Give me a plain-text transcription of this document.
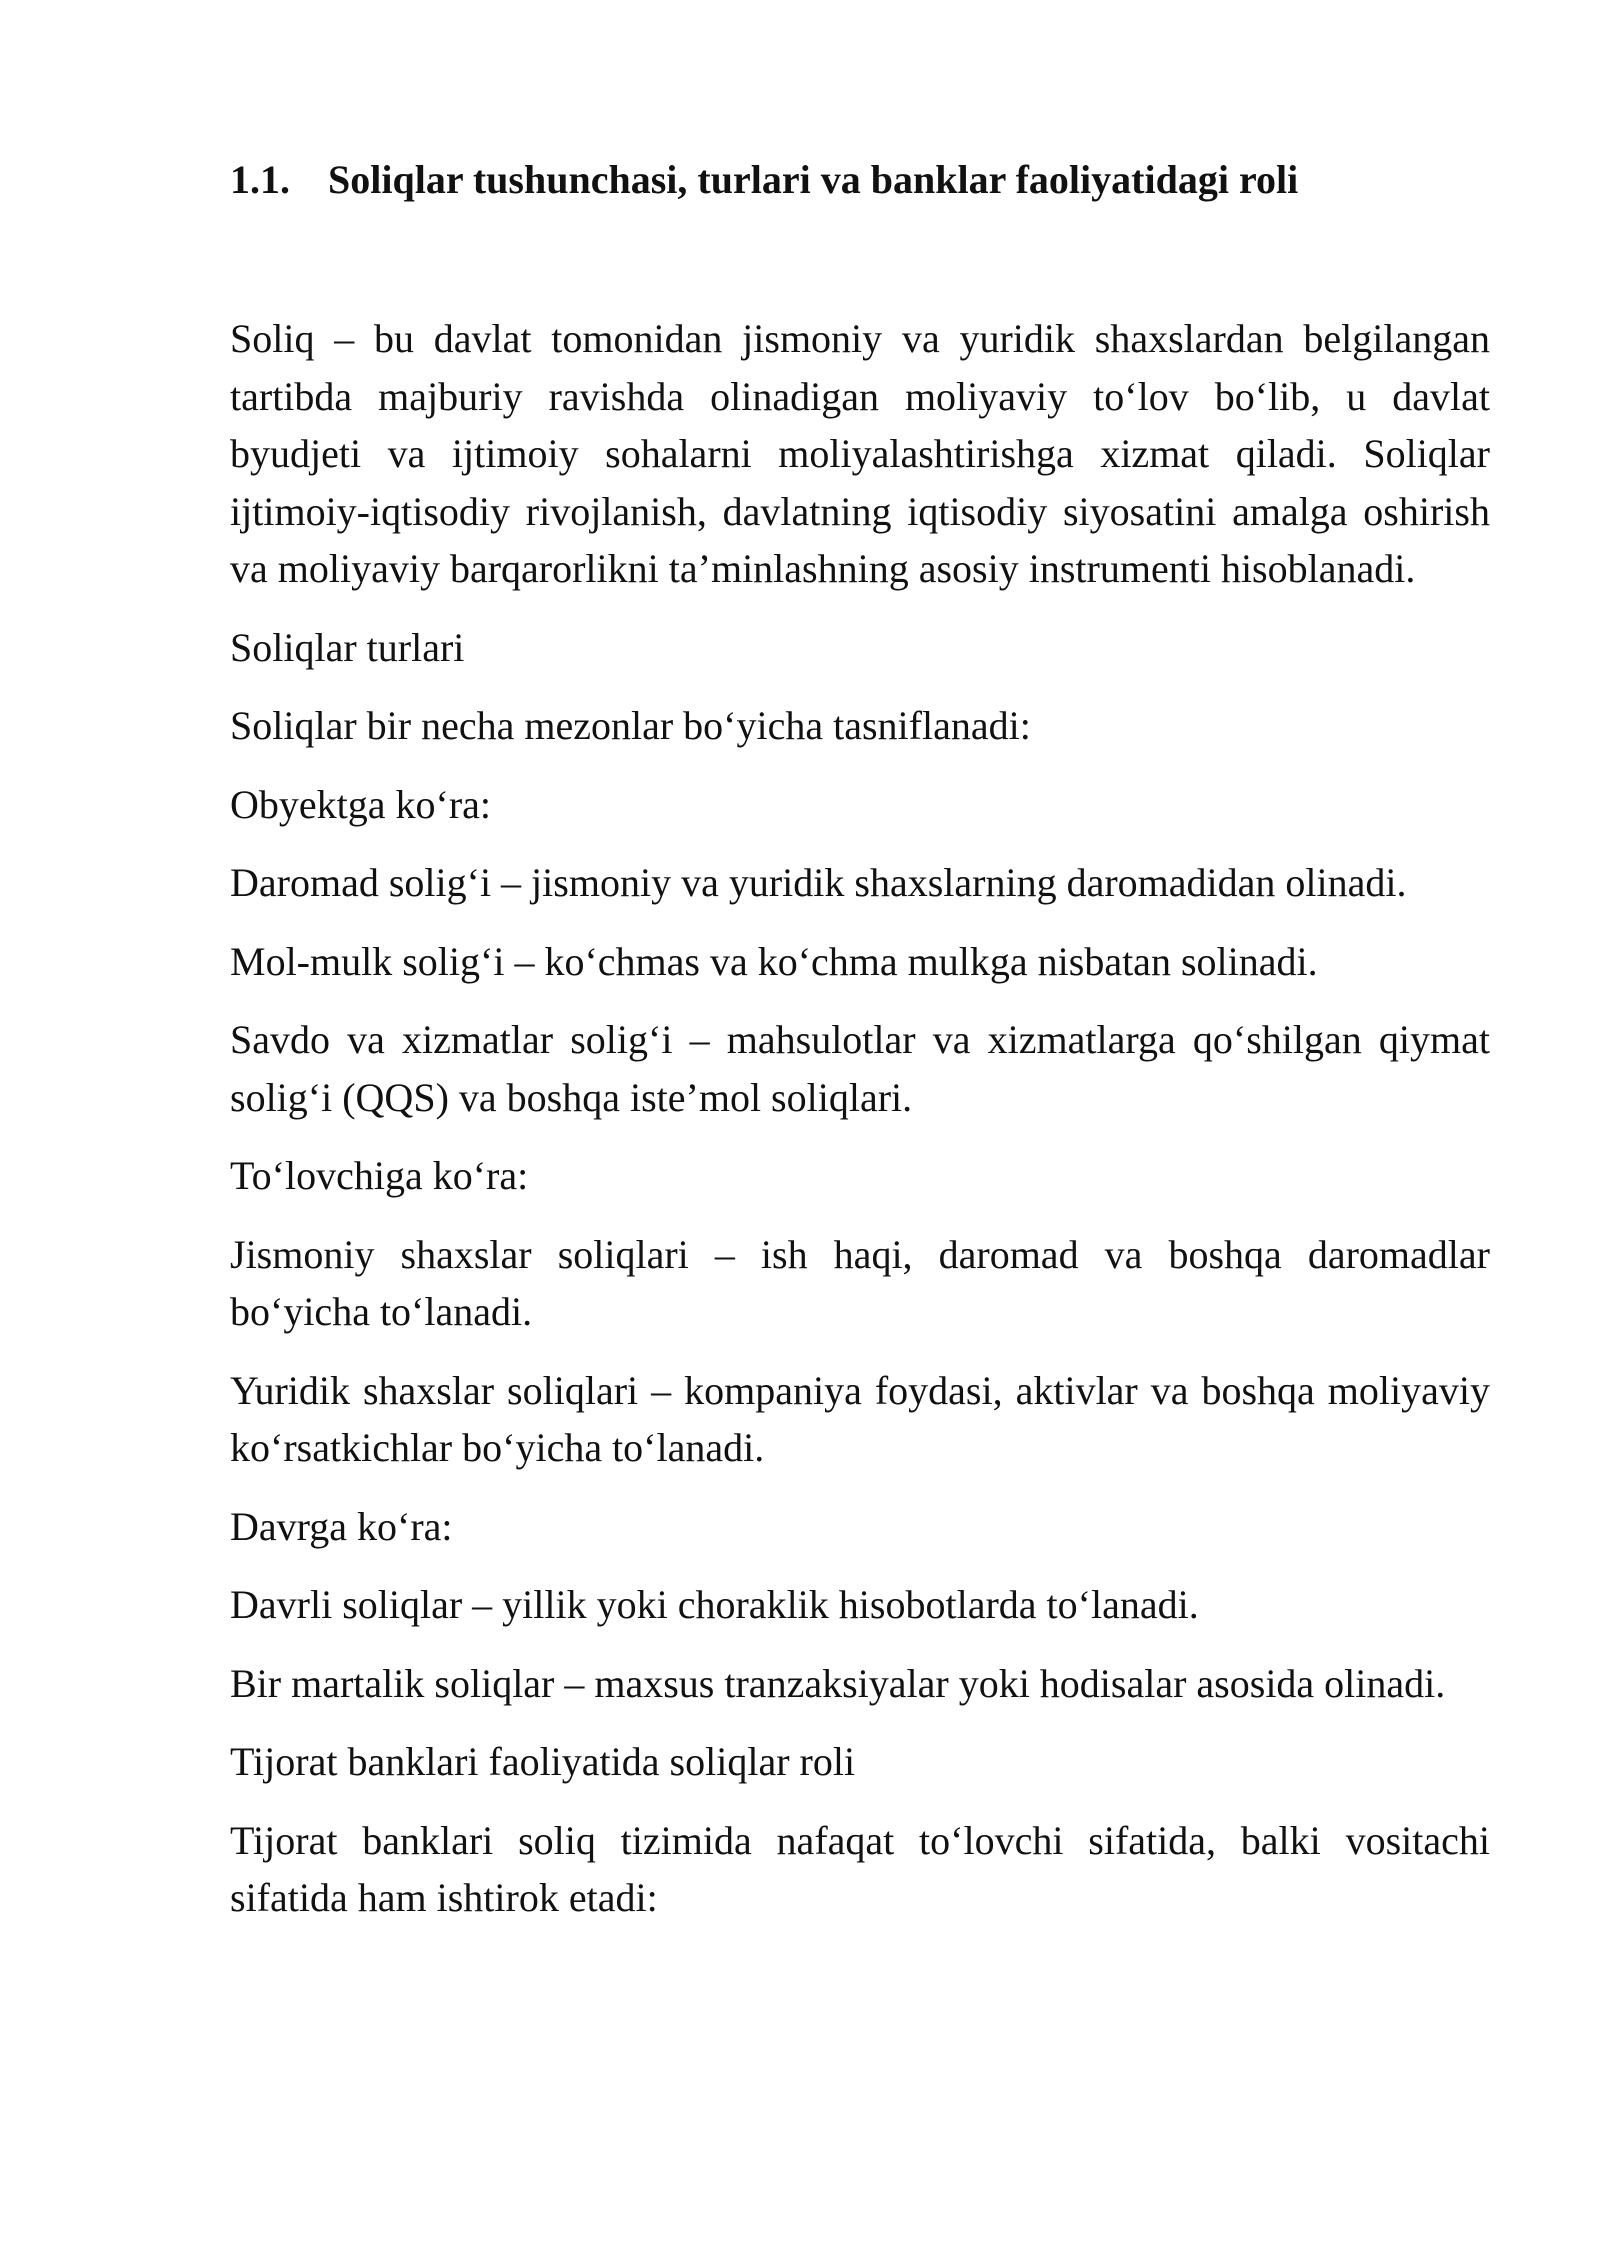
1.1. Soliqlar tushunchasi, turlari va banklar faoliyatidagi roli

Soliq – bu davlat tomonidan jismoniy va yuridik shaxslardan belgilangan tartibda majburiy ravishda olinadigan moliyaviy to‘lov bo‘lib, u davlat byudjeti va ijtimoiy sohalarni moliyalashtirishga xizmat qiladi. Soliqlar ijtimoiy-iqtisodiy rivojlanish, davlatning iqtisodiy siyosatini amalga oshirish va moliyaviy barqarorlikni ta’minlashning asosiy instrumenti hisoblanadi.

Soliqlar turlari

Soliqlar bir necha mezonlar bo‘yicha tasniflanadi:

Obyektga ko‘ra:

Daromad solig‘i – jismoniy va yuridik shaxslarning daromadidan olinadi.

Mol-mulk solig‘i – ko‘chmas va ko‘chma mulkga nisbatan solinadi.

Savdo va xizmatlar solig‘i – mahsulotlar va xizmatlarga qo‘shilgan qiymat solig‘i (QQS) va boshqa iste’mol soliqlari.

To‘lovchiga ko‘ra:

Jismoniy shaxslar soliqlari – ish haqi, daromad va boshqa daromadlar bo‘yicha to‘lanadi.

Yuridik shaxslar soliqlari – kompaniya foydasi, aktivlar va boshqa moliyaviy ko‘rsatkichlar bo‘yicha to‘lanadi.

Davrga ko‘ra:

Davrli soliqlar – yillik yoki choraklik hisobotlarda to‘lanadi.

Bir martalik soliqlar – maxsus tranzaksiyalar yoki hodisalar asosida olinadi.

Tijorat banklari faoliyatida soliqlar roli

Tijorat banklari soliq tizimida nafaqat to‘lovchi sifatida, balki vositachi sifatida ham ishtirok etadi:
